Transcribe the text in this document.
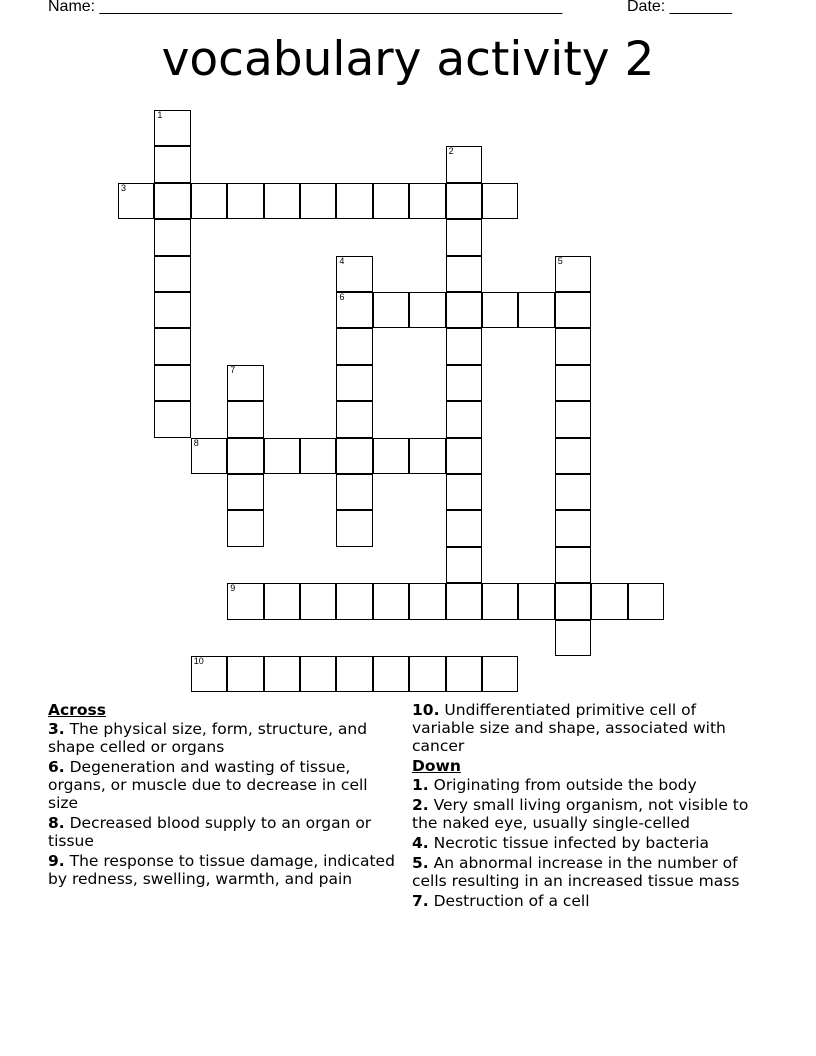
Name: ____________________________________________________	Date: _______
vocabulary activity 2
1
2
3
4
6
5
7
8
9
10
Across
3. The physical size, form, structure, and shape celled or organs
6. Degeneration and wasting of tissue, organs, or muscle due to decrease in cell size
8. Decreased blood supply to an organ or tissue
9. The response to tissue damage, indicated by redness, swelling, warmth, and pain
10. Undifferentiated primitive cell of variable size and shape, associated with cancer
Down
1. Originating from outside the body
2. Very small living organism, not visible to the naked eye, usually single-celled
4. Necrotic tissue infected by bacteria
5. An abnormal increase in the number of cells resulting in an increased tissue mass
7. Destruction of a cell
